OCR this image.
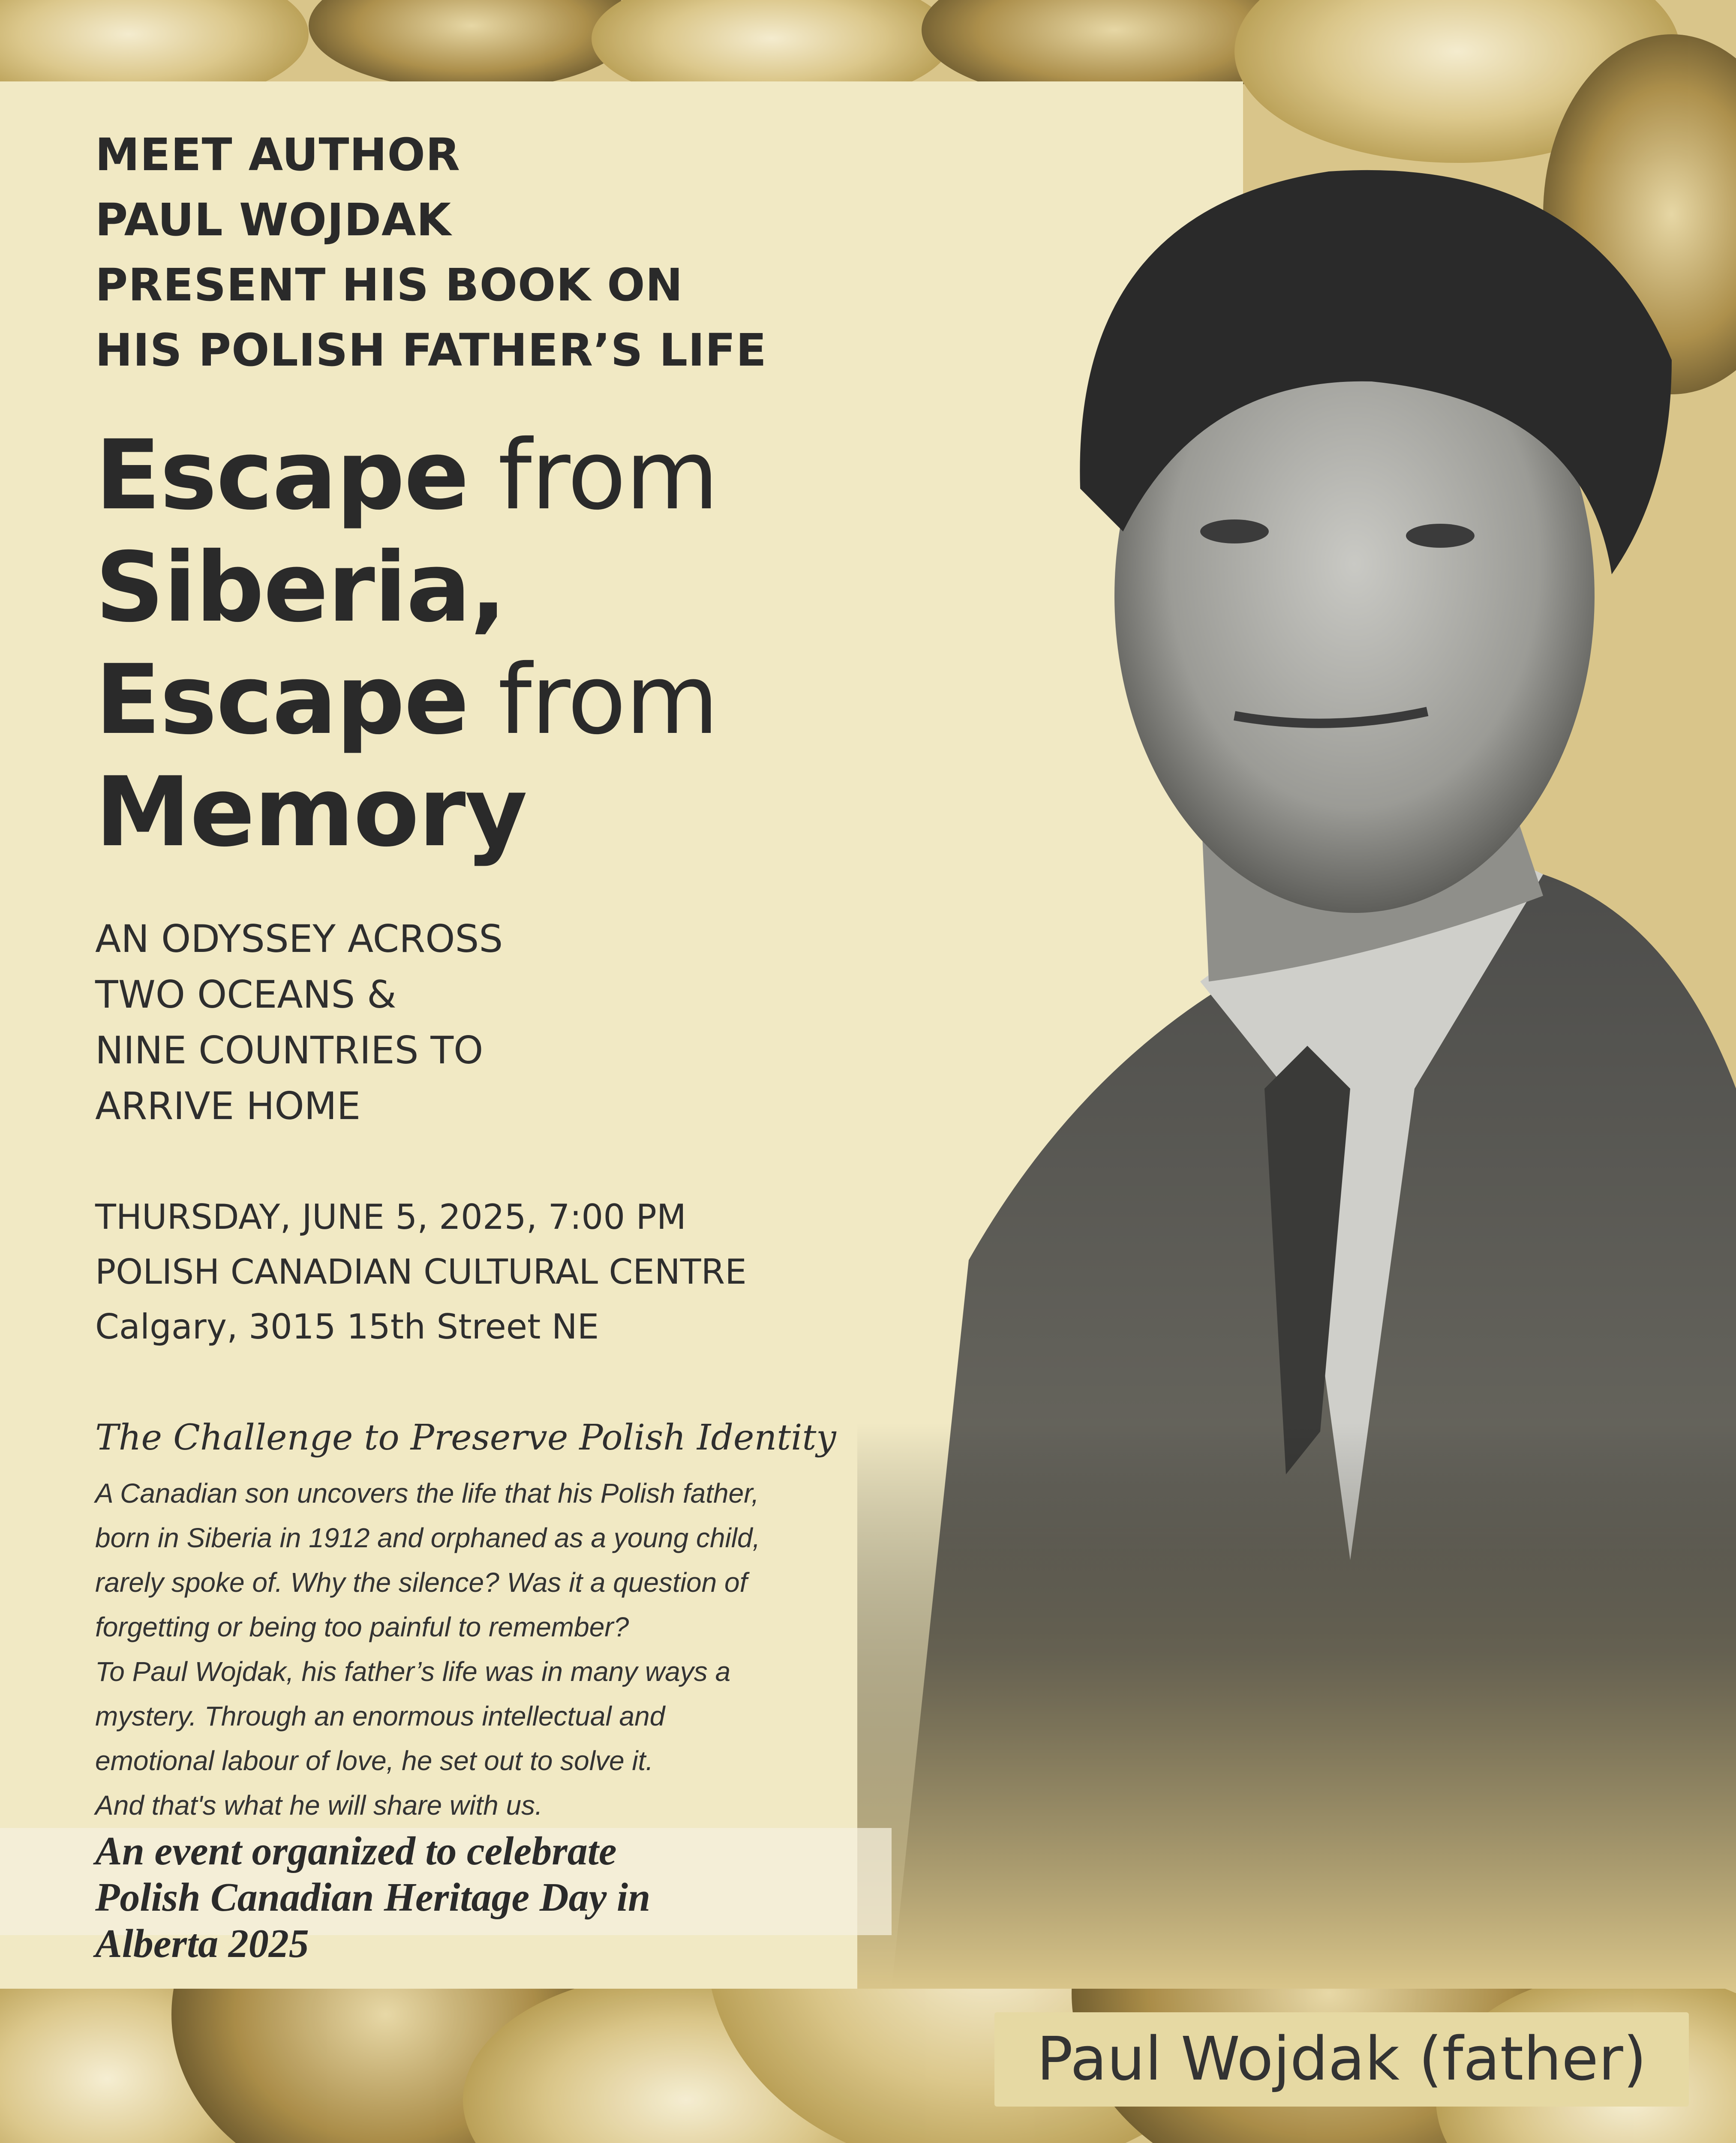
MEET AUTHOR
PAUL WOJDAK
PRESENT HIS BOOK ON
HIS POLISH FATHER’S LIFE
Escape from
Siberia,
Escape from
Memory
AN ODYSSEY ACROSS
TWO OCEANS &
NINE COUNTRIES TO
ARRIVE HOME
THURSDAY, JUNE 5, 2025, 7:00 PM
POLISH CANADIAN CULTURAL CENTRE
Calgary, 3015 15th Street NE
The Challenge to Preserve Polish Identity
A Canadian son uncovers the life that his Polish father,
born in Siberia in 1912 and orphaned as a young child,
rarely spoke of. Why the silence? Was it a question of
forgetting or being too painful to remember?
To Paul Wojdak, his father’s life was in many ways a
mystery. Through an enormous intellectual and
emotional labour of love, he set out to solve it.
And that's what he will share with us.
An event organized to celebrate
Polish Canadian Heritage Day in
Alberta 2025
Paul Wojdak (father)
